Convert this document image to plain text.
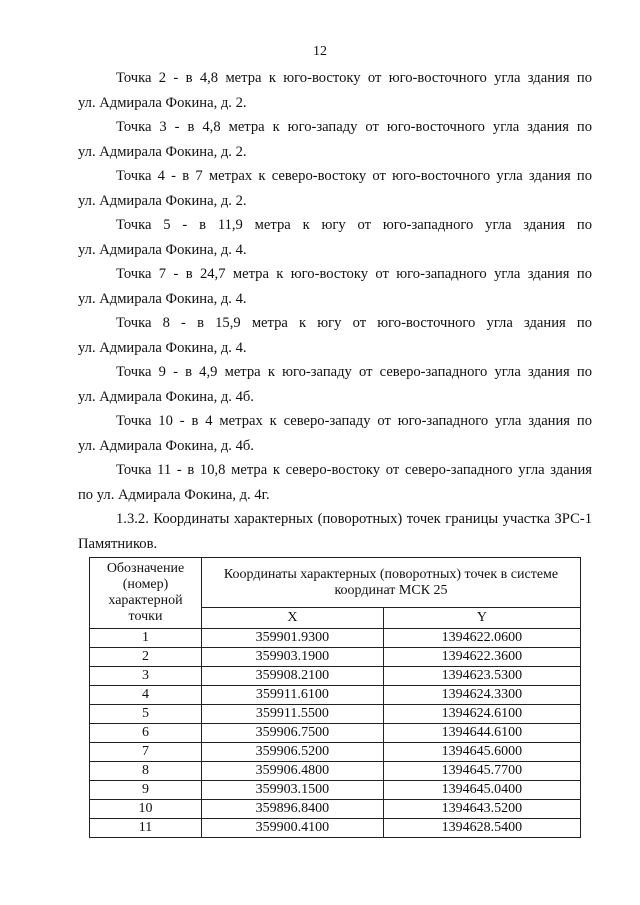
12

Точка 2 - в 4,8 метра к юго-востоку от юго-восточного угла здания по
ул. Адмирала Фокина, д. 2.

Точка 3 - в 4,8 метра к юго-западу от юго-восточного угла здания по
ул. Адмирала Фокина, д. 2.

Точка 4 - в 7 метрах к северо-востоку от юго-восточного угла здания по
ул. Адмирала Фокина, д. 2.

Точка 5 - в 11,9 метра к югу от юго-западного угла здания по
ул. Адмирала Фокина, д. 4.

Точка 7 - в 24,7 метра к юго-востоку от юго-западного угла здания по
ул. Адмирала Фокина, д. 4.

Точка 8 - в 15,9 метра к югу от юго-восточного угла здания по
ул. Адмирала Фокина, д. 4.

Точка 9 - в 4,9 метра к юго-западу от северо-западного угла здания по
ул. Адмирала Фокина, д. 4б.

Точка 10 - в 4 метрах к северо-западу от юго-западного угла здания по
ул. Адмирала Фокина, д. 4б.

Точка 11 - в 10,8 метра к северо-востоку от северо-западного угла здания
по ул. Адмирала Фокина, д. 4г.

1.3.2. Координаты характерных (поворотных) точек границы участка ЗРС-1 Памятников.

Обозначение (номер) характерной точки	Координаты характерных (поворотных) точек в системе координат МСК 25	
	X	Y
1	359901.9300	1394622.0600
2	359903.1900	1394622.3600
3	359908.2100	1394623.5300
4	359911.6100	1394624.3300
5	359911.5500	1394624.6100
6	359906.7500	1394644.6100
7	359906.5200	1394645.6000
8	359906.4800	1394645.7700
9	359903.1500	1394645.0400
10	359896.8400	1394643.5200
11	359900.4100	1394628.5400
